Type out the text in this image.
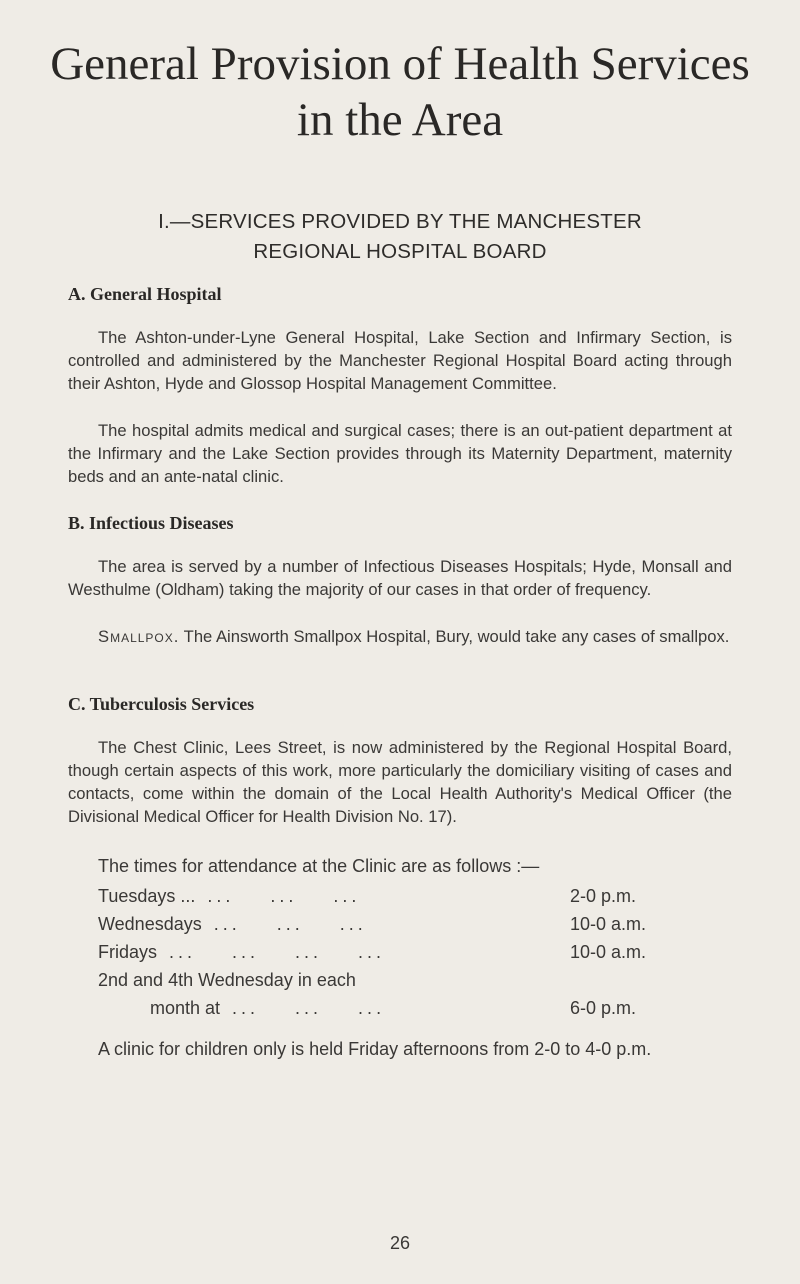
General Provision of Health Services
in the Area

I.—SERVICES PROVIDED BY THE MANCHESTER
REGIONAL HOSPITAL BOARD

A. General Hospital

The Ashton-under-Lyne General Hospital, Lake Section and Infirmary Section, is controlled and administered by the Manchester Regional Hospital Board acting through their Ashton, Hyde and Glossop Hospital Management Committee.

The hospital admits medical and surgical cases; there is an out-patient department at the Infirmary and the Lake Section provides through its Maternity Department, maternity beds and an ante-natal clinic.

B. Infectious Diseases

The area is served by a number of Infectious Diseases Hospitals; Hyde, Monsall and Westhulme (Oldham) taking the majority of our cases in that order of frequency.

Smallpox. The Ainsworth Smallpox Hospital, Bury, would take any cases of smallpox.

C. Tuberculosis Services

The Chest Clinic, Lees Street, is now administered by the Regional Hospital Board, though certain aspects of this work, more particularly the domiciliary visiting of cases and contacts, come within the domain of the Local Health Authority's Medical Officer (the Divisional Medical Officer for Health Division No. 17).

The times for attendance at the Clinic are as follows :—

Tuesdays ... ...    ...    ...	2-0 p.m.
Wednesdays ...    ...    ...	10-0 a.m.
Fridays ...    ...    ...    ...	10-0 a.m.
2nd and 4th Wednesday in each
month at ...    ...    ...	6-0 p.m.

A clinic for children only is held Friday afternoons from 2-0 to 4-0 p.m.

26
